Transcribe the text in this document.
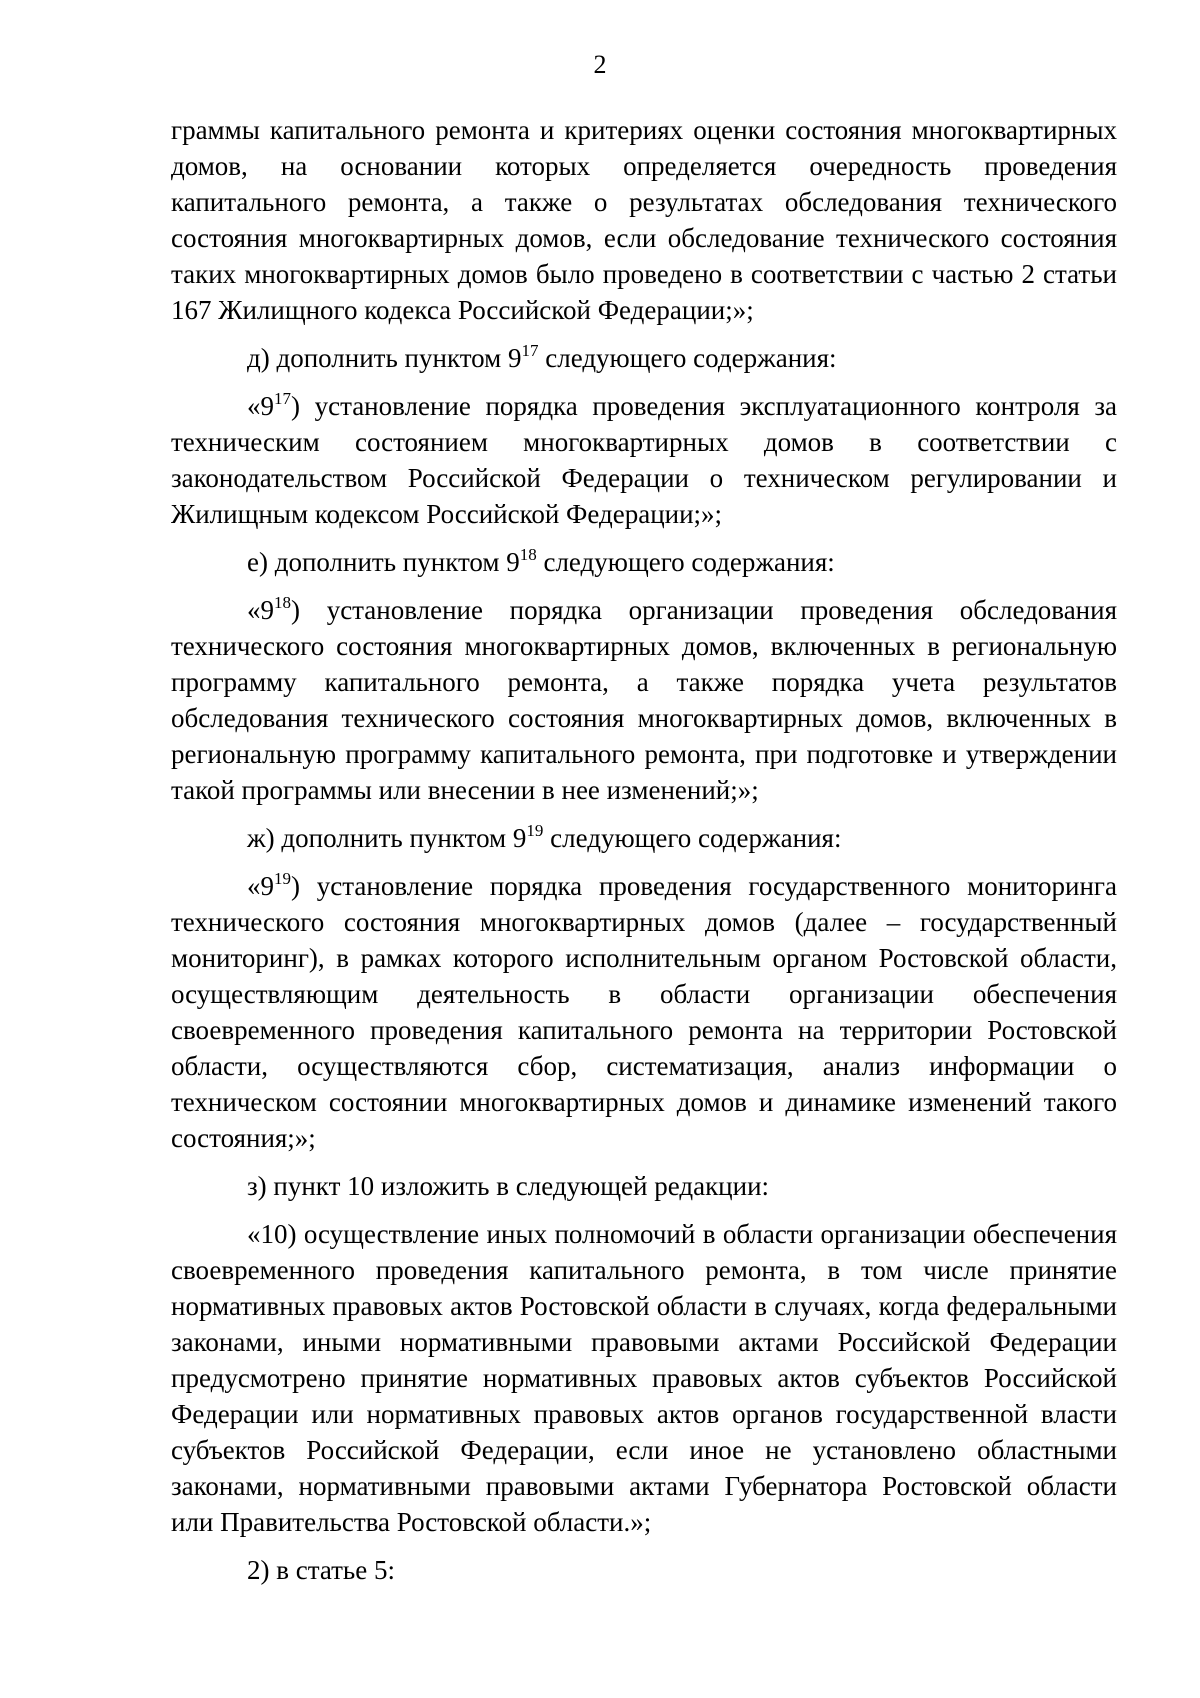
2

граммы капитального ремонта и критериях оценки состояния многоквартирных домов, на основании которых определяется очередность проведения капитального ремонта, а также о результатах обследования технического состояния многоквартирных домов, если обследование технического состояния таких многоквартирных домов было проведено в соответствии с частью 2 статьи 167 Жилищного кодекса Российской Федерации;»;

д) дополнить пунктом $9^{17}$ следующего содержания:

«$9^{17}$) установление порядка проведения эксплуатационного контроля за техническим состоянием многоквартирных домов в соответствии с законодательством Российской Федерации о техническом регулировании и Жилищным кодексом Российской Федерации;»;

е) дополнить пунктом $9^{18}$ следующего содержания:

«$9^{18}$) установление порядка организации проведения обследования технического состояния многоквартирных домов, включенных в региональную программу капитального ремонта, а также порядка учета результатов обследования технического состояния многоквартирных домов, включенных в региональную программу капитального ремонта, при подготовке и утверждении такой программы или внесении в нее изменений;»;

ж) дополнить пунктом $9^{19}$ следующего содержания:

«$9^{19}$) установление порядка проведения государственного мониторинга технического состояния многоквартирных домов (далее – государственный мониторинг), в рамках которого исполнительным органом Ростовской области, осуществляющим деятельность в области организации обеспечения своевременного проведения капитального ремонта на территории Ростовской области, осуществляются сбор, систематизация, анализ информации о техническом состоянии многоквартирных домов и динамике изменений такого состояния;»;

з) пункт 10 изложить в следующей редакции:

«10) осуществление иных полномочий в области организации обеспечения своевременного проведения капитального ремонта, в том числе принятие нормативных правовых актов Ростовской области в случаях, когда федеральными законами, иными нормативными правовыми актами Российской Федерации предусмотрено принятие нормативных правовых актов субъектов Российской Федерации или нормативных правовых актов органов государственной власти субъектов Российской Федерации, если иное не установлено областными законами, нормативными правовыми актами Губернатора Ростовской области или Правительства Ростовской области.»;

2) в статье 5:
